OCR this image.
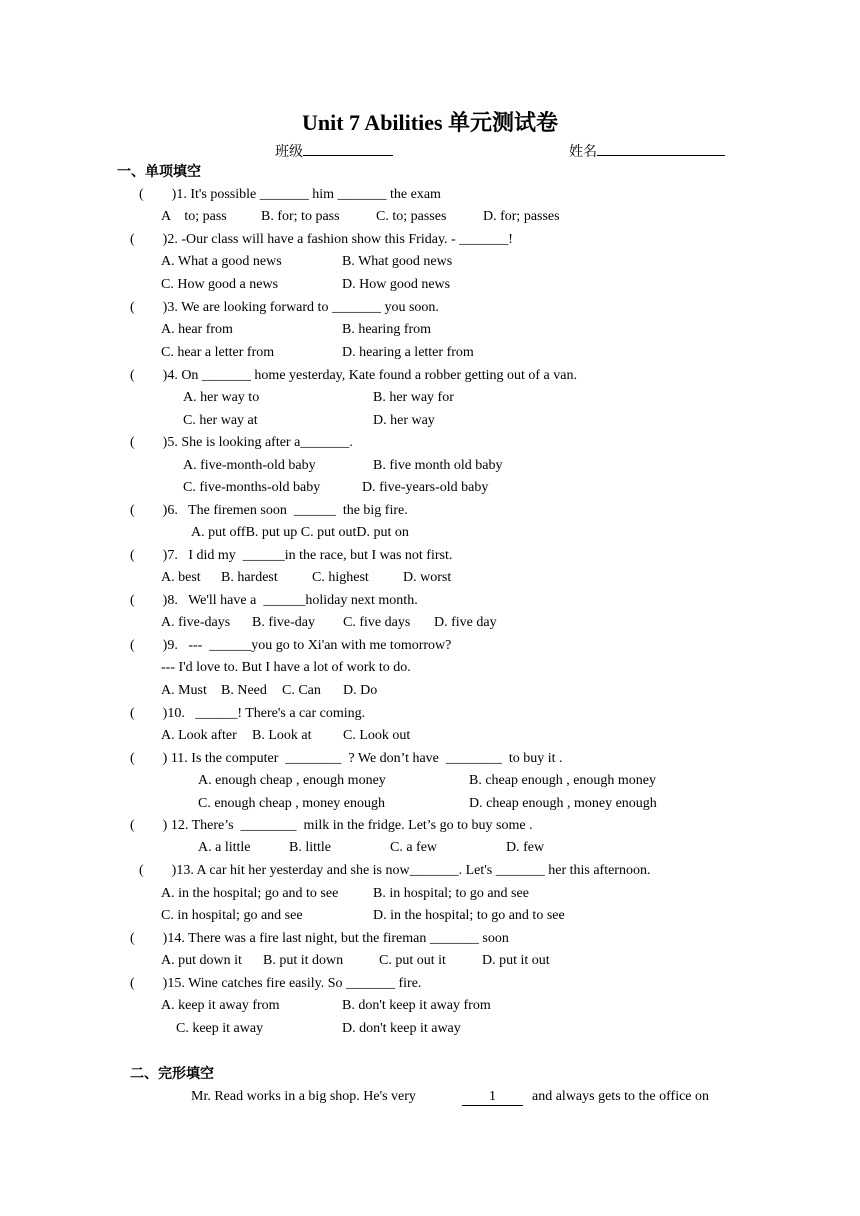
Unit 7 Abilities 单元测试卷
班级	姓名
一、单项填空
(        )1. It's possible _______ him _______ the exam
A    to; pass B. for; to pass	C. to; passes	D. for; passes
(        )2. -Our class will have a fashion show this Friday. - _______!
A. What a good news	B. What good news
C. How good a news	D. How good news
(        )3. We are looking forward to _______ you soon.
A. hear from	B. hearing from
C. hear a letter from	D. hearing a letter from
(        )4. On _______ home yesterday, Kate found a robber getting out of a van.
A. her way to	B. her way for
C. her way at	D. her way
(        )5. She is looking after a_______.
A. five-month-old baby	B. five month old baby
C. five-months-old baby	D. five-years-old baby
(        )6.   The firemen soon  ______  the big fire.
A. put offB. put up C. put outD. put on
(        )7.   I did my  ______in the race, but I was not first.
A. best B. hardest C. highest D. worst
(        )8.   We'll have a  ______holiday next month.
A. five-days B. five-day C. five days D. five day
(        )9.   ---  ______you go to Xi'an with me tomorrow?
--- I'd love to. But I have a lot of work to do.
A. Must B. Need C. Can D. Do
(        )10.   ______! There's a car coming.
A. Look after B. Look at C. Look out
(        ) 11. Is the computer  ________  ? We don’t have  ________  to buy it .
A. enough cheap , enough money	B. cheap enough , enough money
C. enough cheap , money enough	D. cheap enough , money enough
(        ) 12. There’s  ________  milk in the fridge. Let’s go to buy some .
A. a little	B. little	C. a few	D. few
(        )13. A car hit her yesterday and she is now_______. Let's _______ her this afternoon.
A. in the hospital; go and to see B. in hospital; to go and see
C. in hospital; go and see	D. in the hospital; to go and to see
(        )14. There was a fire last night, but the fireman _______ soon
A. put down it B. put it down	C. put out it	D. put it out
(        )15. Wine catches fire easily. So _______ fire.
A. keep it away from	B. don't keep it away from
C. keep it away	D. don't keep it away
二、完形填空
Mr. Read works in a big shop. He's very	1	and always gets to the office on
